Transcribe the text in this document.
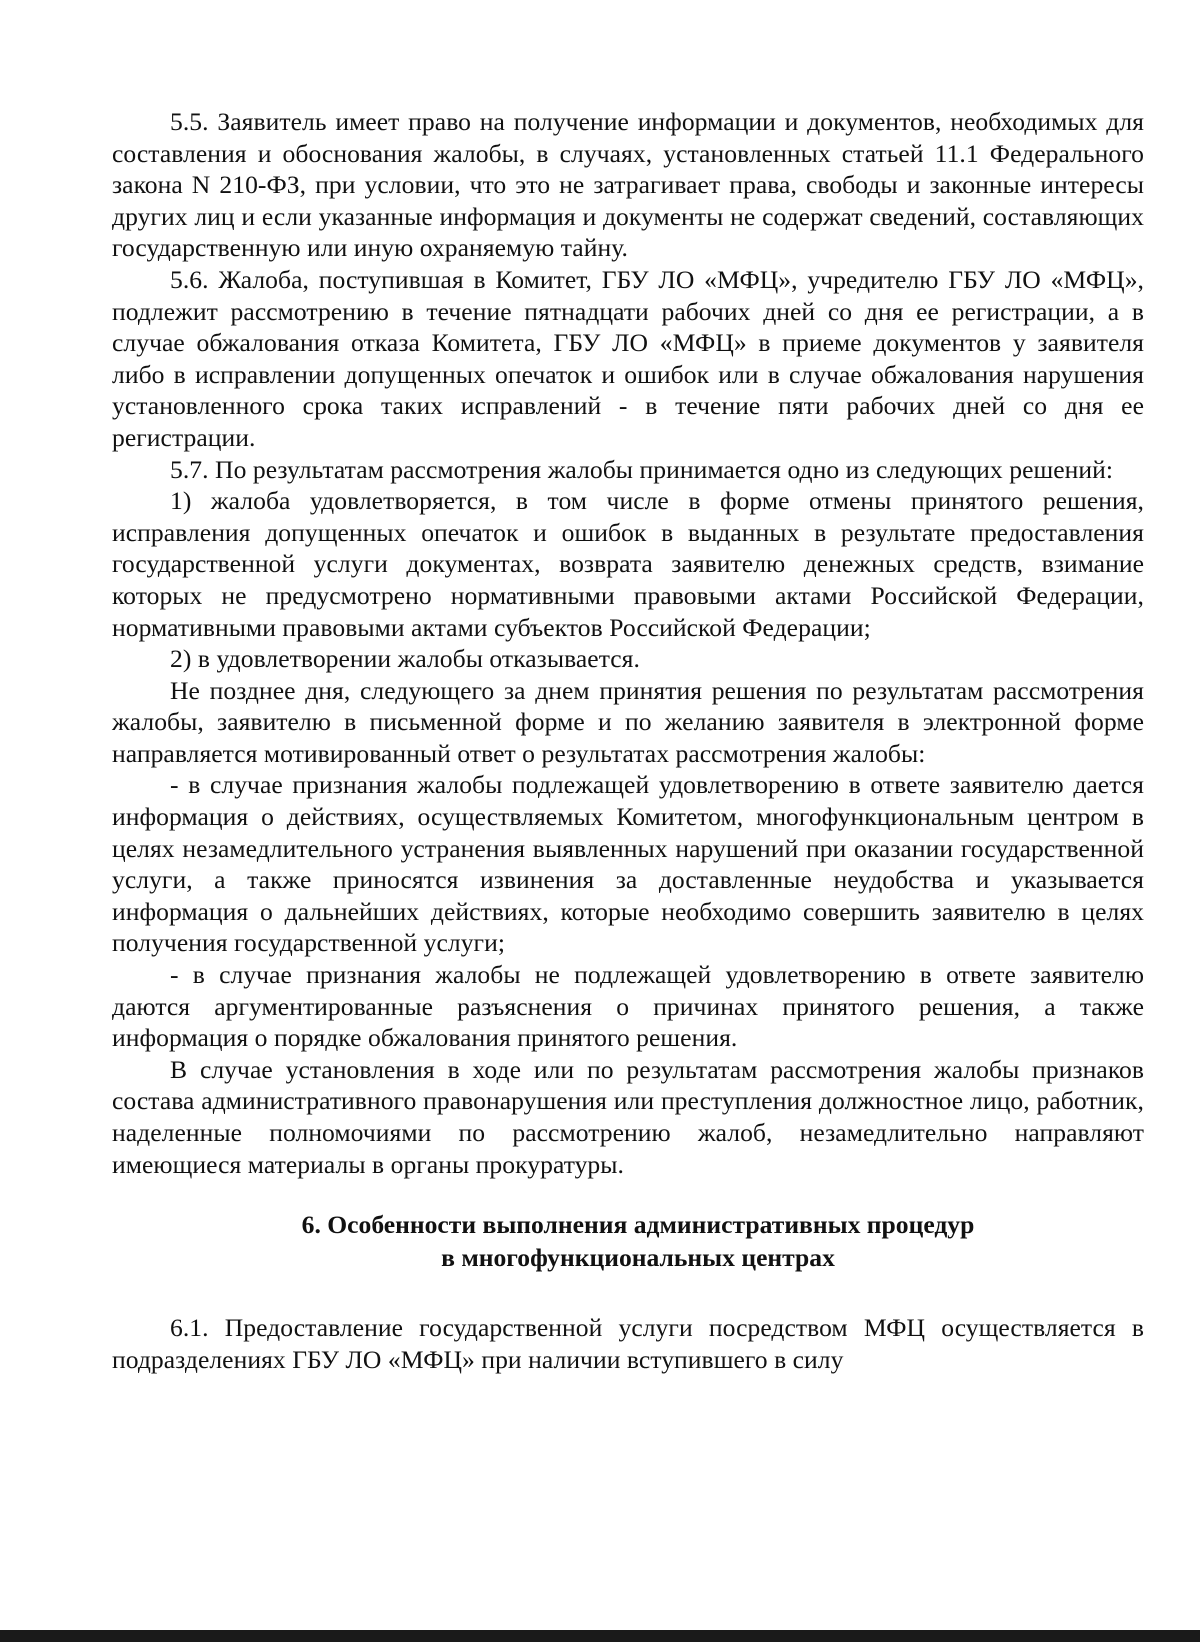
5.5. Заявитель имеет право на получение информации и документов, необходимых для составления и обоснования жалобы, в случаях, установленных статьей 11.1 Федерального закона N 210-ФЗ, при условии, что это не затрагивает права, свободы и законные интересы других лиц и если указанные информация и документы не содержат сведений, составляющих государственную или иную охраняемую тайну.

5.6. Жалоба, поступившая в Комитет, ГБУ ЛО «МФЦ», учредителю ГБУ ЛО «МФЦ», подлежит рассмотрению в течение пятнадцати рабочих дней со дня ее регистрации, а в случае обжалования отказа Комитета, ГБУ ЛО «МФЦ» в приеме документов у заявителя либо в исправлении допущенных опечаток и ошибок или в случае обжалования нарушения установленного срока таких исправлений - в течение пяти рабочих дней со дня ее регистрации.

5.7. По результатам рассмотрения жалобы принимается одно из следующих решений:

1) жалоба удовлетворяется, в том числе в форме отмены принятого решения, исправления допущенных опечаток и ошибок в выданных в результате предоставления государственной услуги документах, возврата заявителю денежных средств, взимание которых не предусмотрено нормативными правовыми актами Российской Федерации, нормативными правовыми актами субъектов Российской Федерации;

2) в удовлетворении жалобы отказывается.

Не позднее дня, следующего за днем принятия решения по результатам рассмотрения жалобы, заявителю в письменной форме и по желанию заявителя в электронной форме направляется мотивированный ответ о результатах рассмотрения жалобы:

- в случае признания жалобы подлежащей удовлетворению в ответе заявителю дается информация о действиях, осуществляемых Комитетом, многофункциональным центром в целях незамедлительного устранения выявленных нарушений при оказании государственной услуги, а также приносятся извинения за доставленные неудобства и указывается информация о дальнейших действиях, которые необходимо совершить заявителю в целях получения государственной услуги;

- в случае признания жалобы не подлежащей удовлетворению в ответе заявителю даются аргументированные разъяснения о причинах принятого решения, а также информация о порядке обжалования принятого решения.

В случае установления в ходе или по результатам рассмотрения жалобы признаков состава административного правонарушения или преступления должностное лицо, работник, наделенные полномочиями по рассмотрению жалоб, незамедлительно направляют имеющиеся материалы в органы прокуратуры.

6. Особенности выполнения административных процедур
в многофункциональных центрах

6.1. Предоставление государственной услуги посредством МФЦ осуществляется в подразделениях ГБУ ЛО «МФЦ» при наличии вступившего в силу
